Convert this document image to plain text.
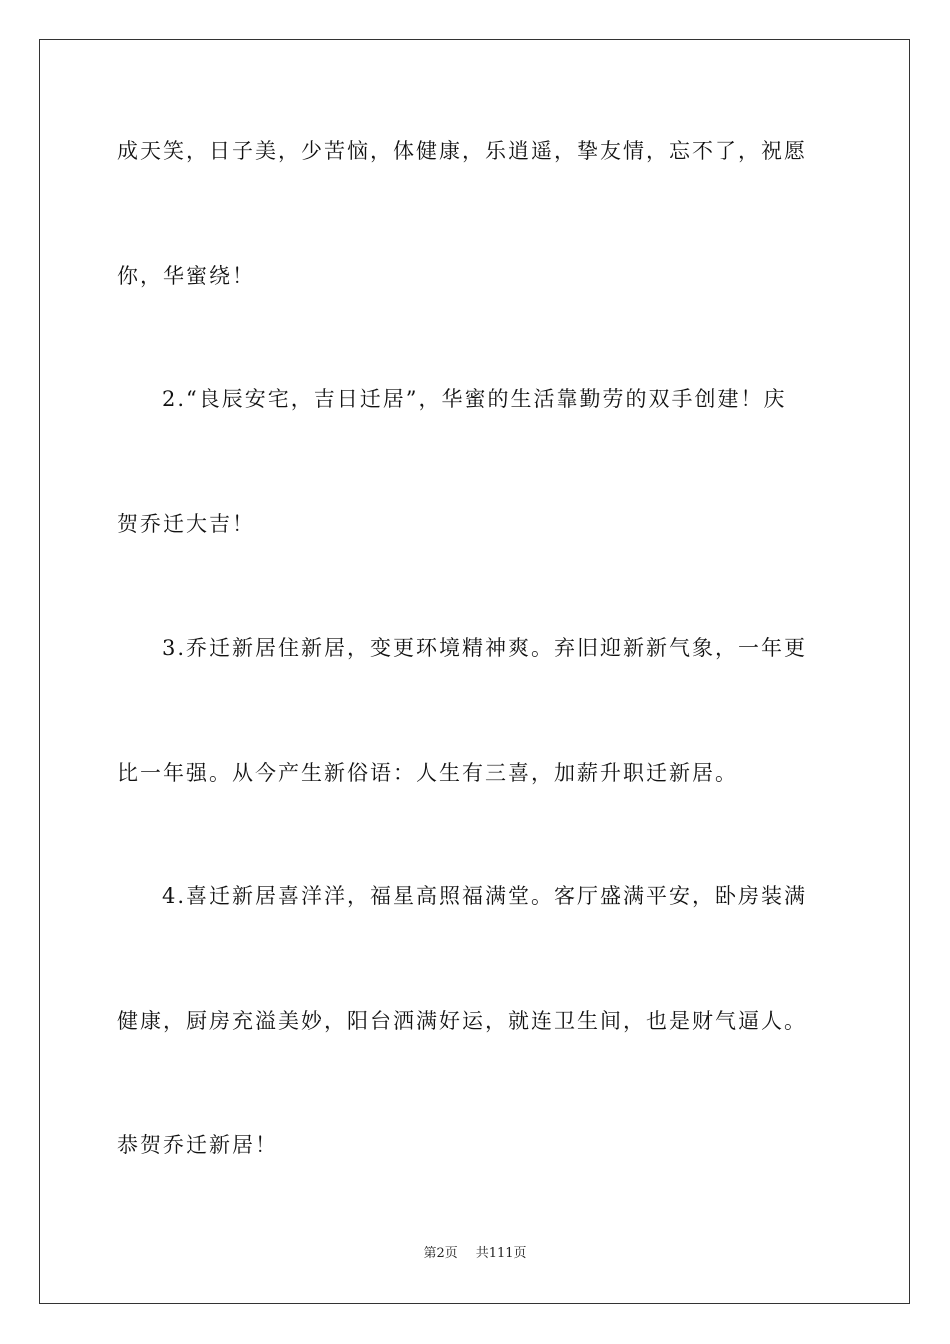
成天笑，日子美，少苦恼，体健康，乐逍遥，挚友情，忘不了，祝愿
你，华蜜绕！
2.“良辰安宅，吉日迁居”，华蜜的生活靠勤劳的双手创建！庆
贺乔迁大吉！
3.乔迁新居住新居，变更环境精神爽。弃旧迎新新气象，一年更
比一年强。从今产生新俗语：人生有三喜，加薪升职迁新居。
4.喜迁新居喜洋洋，福星高照福满堂。客厅盛满平安，卧房装满
健康，厨房充溢美妙，阳台洒满好运，就连卫生间，也是财气逼人。
恭贺乔迁新居！
第2页 共111页
